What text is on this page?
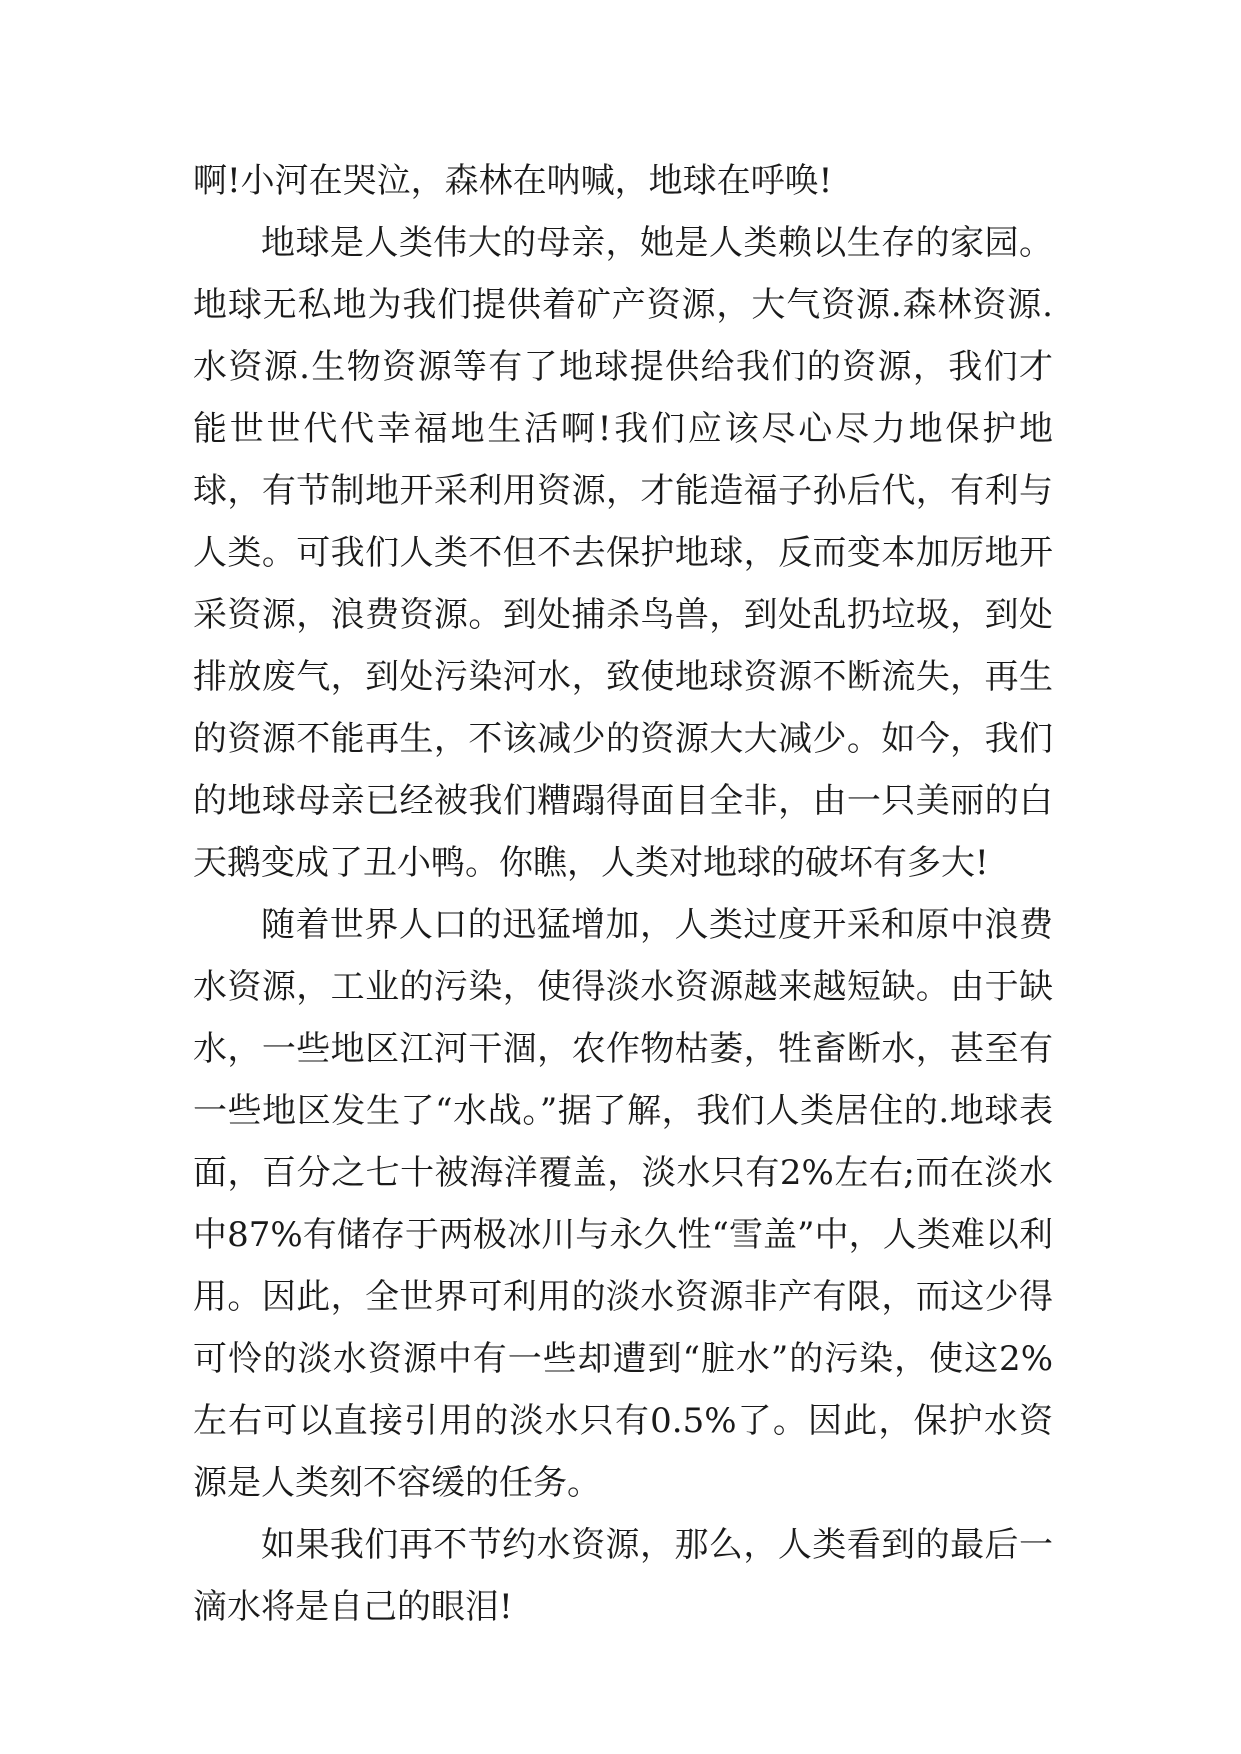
啊!小河在哭泣，森林在呐喊，地球在呼唤!

地球是人类伟大的母亲，她是人类赖以生存的家园。地球无私地为我们提供着矿产资源，大气资源.森林资源.水资源.生物资源等有了地球提供给我们的资源，我们才能世世代代幸福地生活啊!我们应该尽心尽力地保护地球，有节制地开采利用资源，才能造福子孙后代，有利与人类。可我们人类不但不去保护地球，反而变本加厉地开采资源，浪费资源。到处捕杀鸟兽，到处乱扔垃圾，到处排放废气，到处污染河水，致使地球资源不断流失，再生的资源不能再生，不该减少的资源大大减少。如今，我们的地球母亲已经被我们糟蹋得面目全非，由一只美丽的白天鹅变成了丑小鸭。你瞧，人类对地球的破坏有多大!

随着世界人口的迅猛增加，人类过度开采和原中浪费水资源，工业的污染，使得淡水资源越来越短缺。由于缺水，一些地区江河干涸，农作物枯萎，牲畜断水，甚至有一些地区发生了“水战。”据了解，我们人类居住的.地球表面，百分之七十被海洋覆盖，淡水只有2%左右;而在淡水中87%有储存于两极冰川与永久性“雪盖”中，人类难以利用。因此，全世界可利用的淡水资源非产有限，而这少得可怜的淡水资源中有一些却遭到“脏水”的污染，使这2%左右可以直接引用的淡水只有0.5%了。因此，保护水资源是人类刻不容缓的任务。

如果我们再不节约水资源，那么，人类看到的最后一滴水将是自己的眼泪!
